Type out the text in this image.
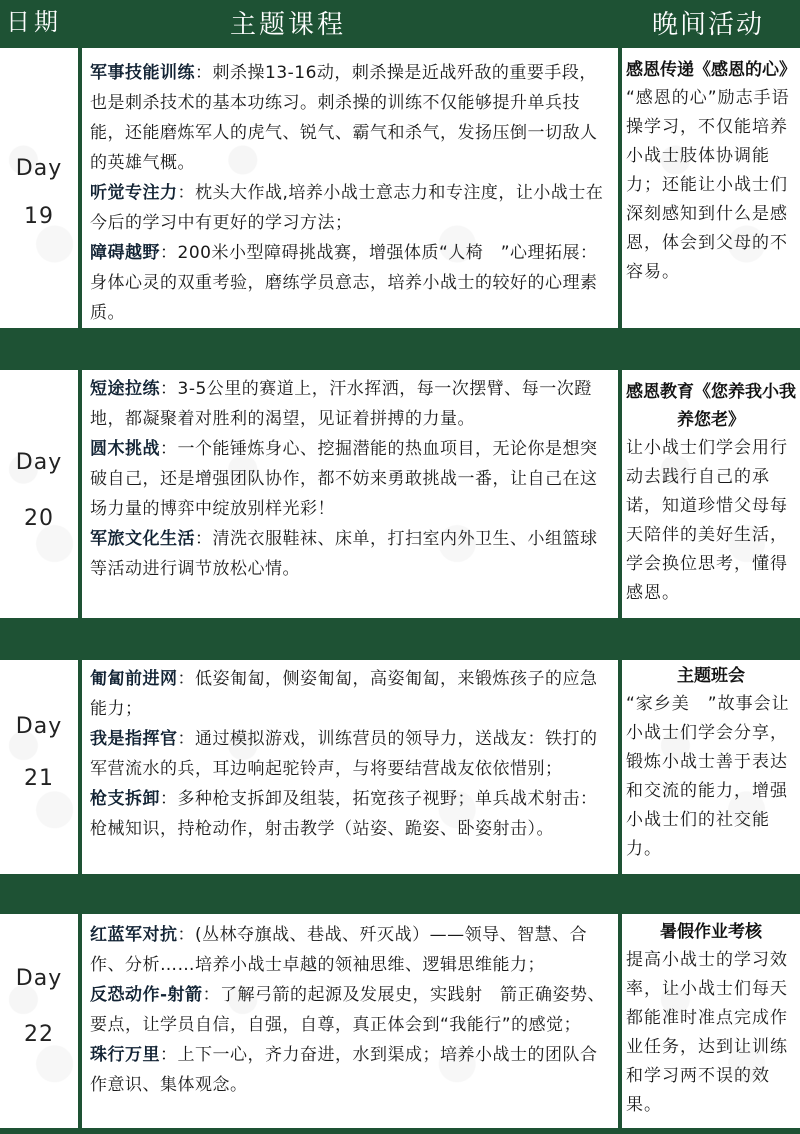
日期	主题课程	晚间活动
Day
19
军事技能训练：刺杀操13-16动，刺杀操是近战歼敌的重要手段，也是刺杀技术的基本功练习。刺杀操的训练不仅能够提升单兵技能，还能磨炼军人的虎气、锐气、霸气和杀气，发扬压倒一切敌人的英雄气概。
听觉专注力：枕头大作战,培养小战士意志力和专注度，让小战士在今后的学习中有更好的学习方法；
障碍越野：200米小型障碍挑战赛，增强体质“人椅　”心理拓展：身体心灵的双重考验，磨练学员意志，培养小战士的较好的心理素质。
感恩传递《感恩的心》
“感恩的心”励志手语操学习，不仅能培养小战士肢体协调能力；还能让小战士们深刻感知到什么是感恩，体会到父母的不容易。
Day
20
短途拉练：3-5公里的赛道上，汗水挥洒，每一次摆臂、每一次蹬地，都凝聚着对胜利的渴望，见证着拼搏的力量。
圆木挑战：一个能锤炼身心、挖掘潜能的热血项目，无论你是想突破自己，还是增强团队协作，都不妨来勇敢挑战一番，让自己在这场力量的博弈中绽放别样光彩！
军旅文化生活：清洗衣服鞋袜、床单，打扫室内外卫生、小组篮球等活动进行调节放松心情。
感恩教育《您养我小我养您老》
让小战士们学会用行动去践行自己的承诺，知道珍惜父母每天陪伴的美好生活，学会换位思考，懂得感恩。
Day
21
匍匐前进网：低姿匍匐，侧姿匍匐，高姿匍匐，来锻炼孩子的应急能力；
我是指挥官：通过模拟游戏，训练营员的领导力，送战友：铁打的军营流水的兵，耳边响起驼铃声，与将要结营战友依依惜别；
枪支拆卸：多种枪支拆卸及组装，拓宽孩子视野；单兵战术射击：枪械知识，持枪动作，射击教学（站姿、跪姿、卧姿射击）。
主题班会
“家乡美　”故事会让小战士们学会分享，锻炼小战士善于表达和交流的能力，增强小战士们的社交能力。
Day
22
红蓝军对抗：(丛林夺旗战、巷战、歼灭战）——领导、智慧、合作、分析……培养小战士卓越的领袖思维、逻辑思维能力；
反恐动作-射箭：了解弓箭的起源及发展史，实践射　箭正确姿势、要点，让学员自信，自强，自尊，真正体会到“我能行”的感觉；
珠行万里：上下一心，齐力奋进，水到渠成；培养小战士的团队合作意识、集体观念。
暑假作业考核
提高小战士的学习效率，让小战士们每天都能准时准点完成作业任务，达到让训练和学习两不误的效果。
